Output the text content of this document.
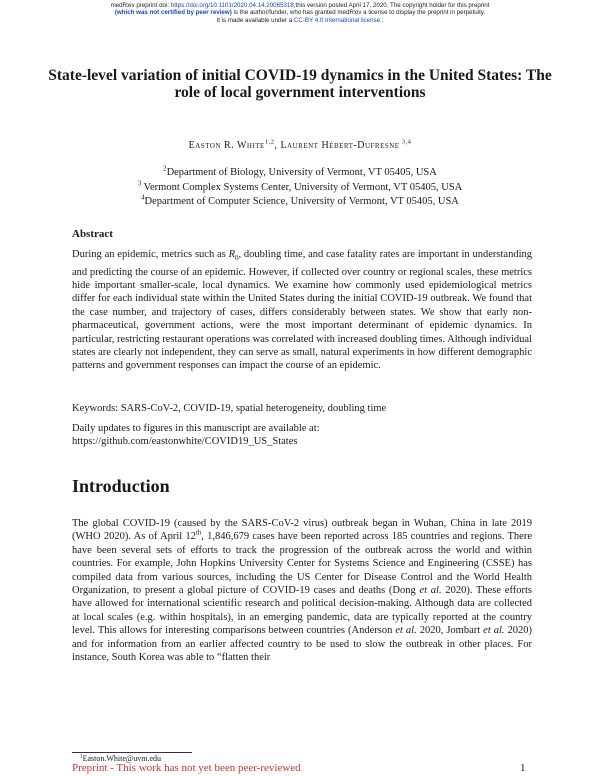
medRxiv preprint doi: https://doi.org/10.1101/2020.04.14.20065318;this version posted April 17, 2020. The copyright holder for this preprint
(which was not certified by peer review) is the author/funder, who has granted medRxiv a license to display the preprint in perpetuity.
It is made available under a CC-BY 4.0 International license .
State-level variation of initial COVID-19 dynamics in the United States: The role of local government interventions
Easton R. White$^{1,2}$, Laurent Hébert-Dufresne $^{3,4}$
$^2$Department of Biology, University of Vermont, VT 05405, USA
$^3$ Vermont Complex Systems Center, University of Vermont, VT 05405, USA
$^4$Department of Computer Science, University of Vermont, VT 05405, USA
Abstract
During an epidemic, metrics such as $R_0$, doubling time, and case fatality rates are important in understanding and predicting the course of an epidemic. However, if collected over country or regional scales, these metrics hide important smaller-scale, local dynamics. We examine how commonly used epidemiological metrics differ for each individual state within the United States during the initial COVID-19 outbreak. We found that the case number, and trajectory of cases, differs considerably between states. We show that early non-pharmaceutical, government actions, were the most important determinant of epidemic dynamics. In particular, restricting restaurant operations was correlated with increased doubling times. Although individual states are clearly not independent, they can serve as small, natural experiments in how different demographic patterns and government responses can impact the course of an epidemic.
Keywords: SARS-CoV-2, COVID-19, spatial heterogeneity, doubling time
Daily updates to figures in this manuscript are available at: https://github.com/eastonwhite/COVID19_US_States
Introduction
The global COVID-19 (caused by the SARS-CoV-2 virus) outbreak began in Wuhan, China in late 2019 (WHO 2020). As of April 12th, 1,846,679 cases have been reported across 185 countries and regions. There have been several sets of efforts to track the progression of the outbreak across the world and within countries. For example, John Hopkins University Center for Systems Science and Engineering (CSSE) has compiled data from various sources, including the US Center for Disease Control and the World Health Organization, to present a global picture of COVID-19 cases and deaths (Dong et al. 2020). These efforts have allowed for international scientific research and political decision-making. Although data are collected at local scales (e.g. within hospitals), in an emerging pandemic, data are typically reported at the country level. This allows for interesting comparisons between countries (Anderson et al. 2020, Jombart et al. 2020) and for information from an earlier affected country to be used to slow the outbreak in other places. For instance, South Korea was able to “flatten their
$^1$Easton.White@uvm.edu
Preprint - This work has not yet been peer-reviewed	1
